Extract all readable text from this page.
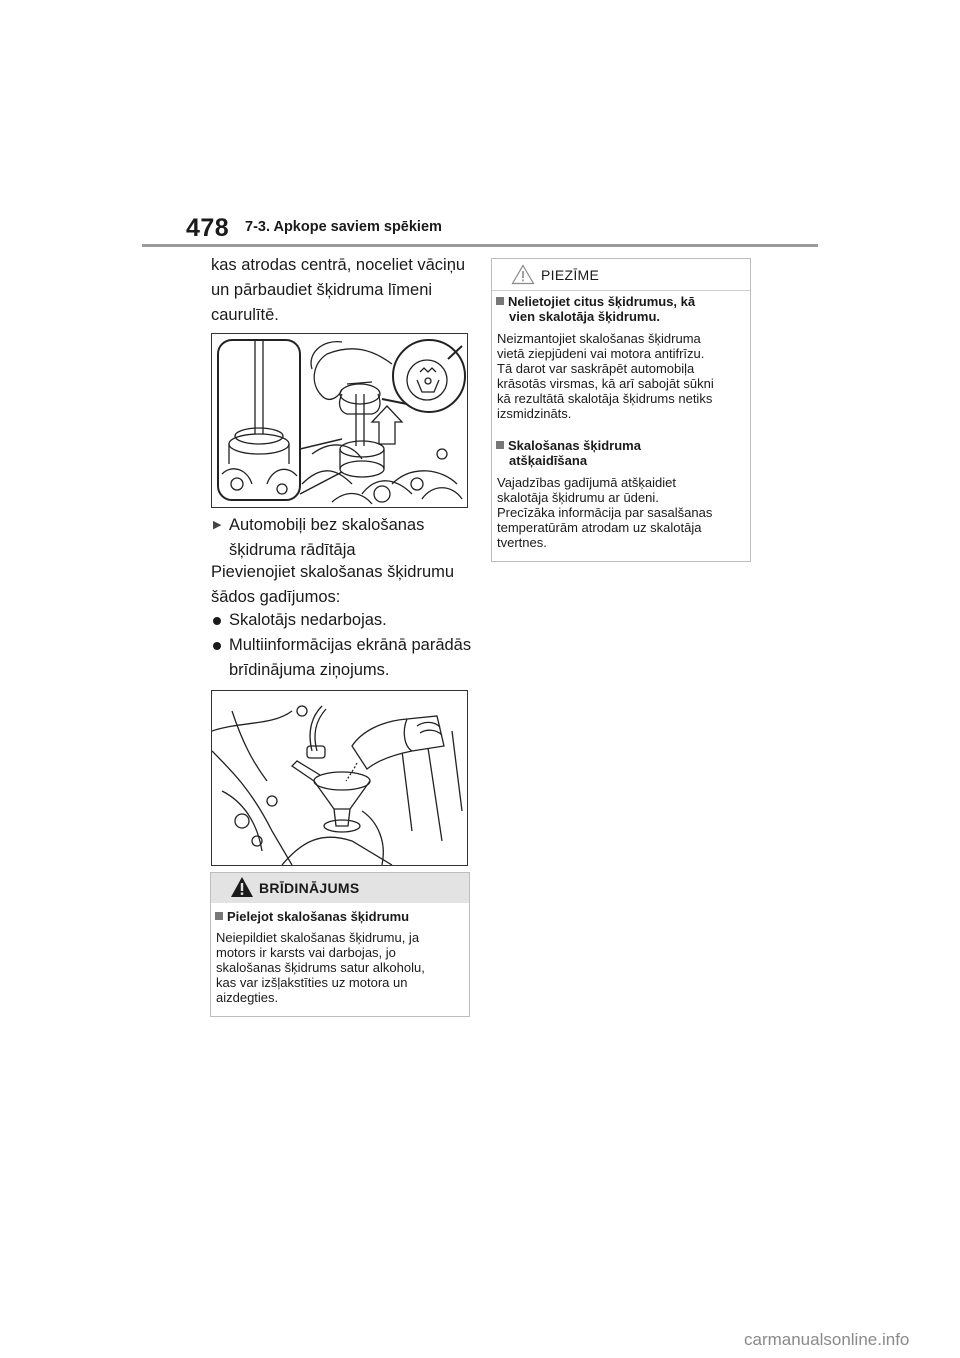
478 7-3. Apkope saviem spēkiem
kas atrodas centrā, noceliet vāciņu
un pārbaudiet šķidruma līmeni
caurulītē.
▶ Automobiļi bez skalošanas
šķidruma rādītāja
Pievienojiet skalošanas šķidrumu
šādos gadījumos:
Skalotājs nedarbojas.
Multiinformācijas ekrānā parādās
brīdinājuma ziņojums.
BRĪDINĀJUMS
Pielejot skalošanas šķidrumu
Neiepildiet skalošanas šķidrumu, ja
motors ir karsts vai darbojas, jo
skalošanas šķidrums satur alkoholu,
kas var izšļakstīties uz motora un
aizdegties.
PIEZĪME
Nelietojiet citus šķidrumus, kā
vien skalotāja šķidrumu.
Neizmantojiet skalošanas šķidruma
vietā ziepjūdeni vai motora antifrīzu.
Tā darot var saskrāpēt automobiļa
krāsotās virsmas, kā arī sabojāt sūkni
kā rezultātā skalotāja šķidrums netiks
izsmidzināts.
Skalošanas šķidruma
atšķaidīšana
Vajadzības gadījumā atšķaidiet
skalotāja šķidrumu ar ūdeni.
Precīzāka informācija par sasalšanas
temperatūrām atrodam uz skalotāja
tvertnes.
carmanualsonline.info
